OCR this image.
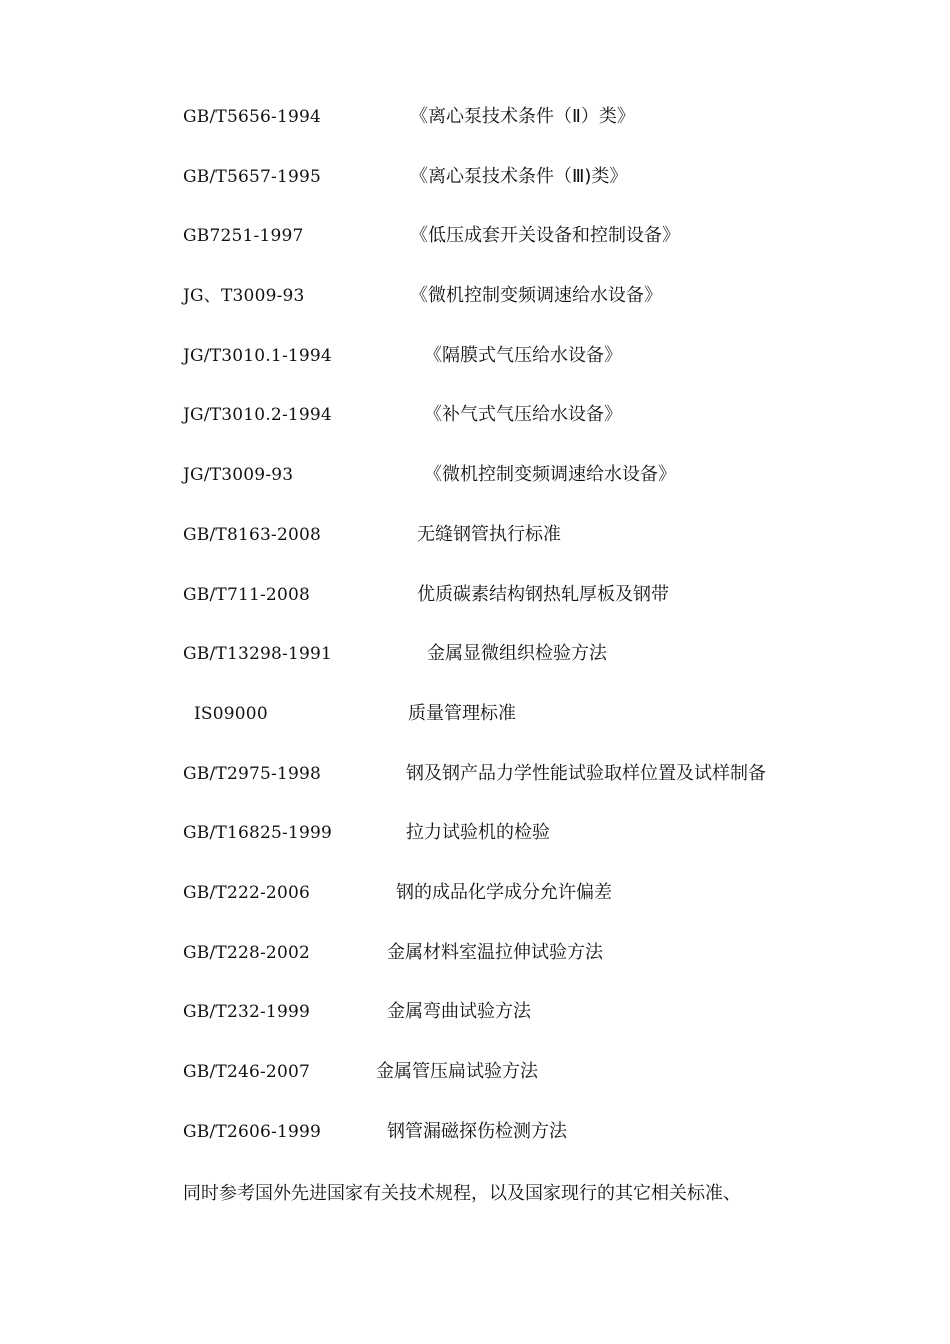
GB/T5656-1994	《离心泵技术条件（Ⅱ）类》
GB/T5657-1995	《离心泵技术条件（Ⅲ)类》
GB7251-1997	《低压成套开关设备和控制设备》
JG、T3009-93	《微机控制变频调速给水设备》
JG/T3010.1-1994	《隔膜式气压给水设备》
JG/T3010.2-1994	《补气式气压给水设备》
JG/T3009-93	《微机控制变频调速给水设备》
GB/T8163-2008	无缝钢管执行标准
GB/T711-2008	优质碳素结构钢热轧厚板及钢带
GB/T13298-1991	金属显微组织检验方法
IS09000	质量管理标准
GB/T2975-1998	钢及钢产品力学性能试验取样位置及试样制备
GB/T16825-1999	拉力试验机的检验
GB/T222-2006	钢的成品化学成分允许偏差
GB/T228-2002	金属材料室温拉伸试验方法
GB/T232-1999	金属弯曲试验方法
GB/T246-2007	金属管压扁试验方法
GB/T2606-1999	钢管漏磁探伤检测方法
同时参考国外先进国家有关技术规程，以及国家现行的其它相关标准、
